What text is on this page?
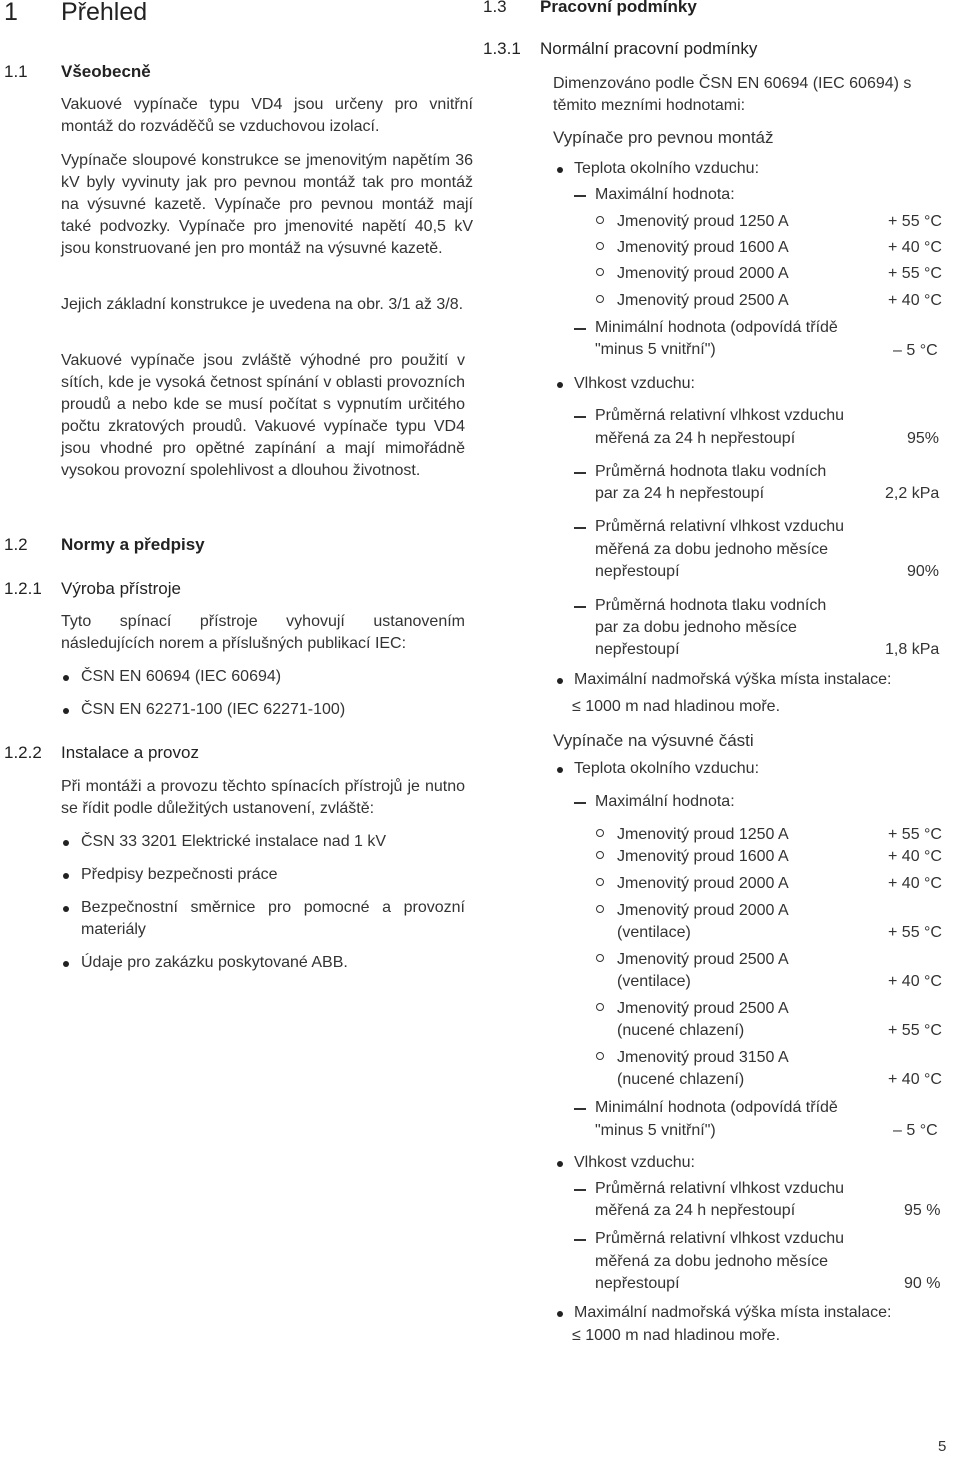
1 Přehled
1.1 Všeobecně
Vakuové vypínače typu VD4 jsou určeny pro vnitřní montáž do rozváděčů se vzduchovou izolací.
Vypínače sloupové konstrukce se jmenovitým napětím 36 kV byly vyvinuty jak pro pevnou montáž tak pro montáž na výsuvné kazetě. Vypínače pro pevnou montáž mají také podvozky. Vypínače pro jmenovité napětí 40,5 kV jsou konstruované jen pro montáž na výsuvné kazetě.
Jejich základní konstrukce je uvedena na obr. 3/1 až 3/8.
Vakuové vypínače jsou zvláště výhodné pro použití v sítích, kde je vysoká četnost spínání v oblasti provozních proudů a nebo kde se musí počítat s vypnutím určitého počtu zkratových proudů. Vakuové vypínače typu VD4 jsou vhodné pro opětné zapínání a mají mimořádně vysokou provozní spolehlivost a dlouhou životnost.
1.2 Normy a předpisy
1.2.1 Výroba přístroje
Tyto spínací přístroje vyhovují ustanovením následujících norem a příslušných publikací IEC:
ČSN EN 60694 (IEC 60694)
ČSN EN 62271-100 (IEC 62271-100)
1.2.2 Instalace a provoz
Při montáži a provozu těchto spínacích přístrojů je nutno se řídit podle důležitých ustanovení, zvláště:
ČSN 33 3201 Elektrické instalace nad 1 kV
Předpisy bezpečnosti práce
Bezpečnostní směrnice pro pomocné a provozní materiály
Údaje pro zakázku poskytované ABB.
1.3 Pracovní podmínky
1.3.1 Normální pracovní podmínky
Dimenzováno podle ČSN EN 60694 (IEC 60694) s těmito mezními hodnotami:
Vypínače pro pevnou montáž
Teplota okolního vzduchu:
Maximální hodnota:
Jmenovitý proud 1250 A	+ 55 °C
Jmenovitý proud 1600 A	+ 40 °C
Jmenovitý proud 2000 A	+ 55 °C
Jmenovitý proud 2500 A	+ 40 °C
Minimální hodnota (odpovídá třídě
"minus 5 vnitřní")	– 5 °C
Vlhkost vzduchu:
Průměrná relativní vlhkost vzduchu
měřená za 24 h nepřestoupí	95%
Průměrná hodnota tlaku vodních
par za 24 h nepřestoupí	2,2 kPa
Průměrná relativní vlhkost vzduchu
měřená za dobu jednoho měsíce
nepřestoupí	90%
Průměrná hodnota tlaku vodních
par za dobu jednoho měsíce
nepřestoupí	1,8 kPa
Maximální nadmořská výška místa instalace:
≤ 1000 m nad hladinou moře.
Vypínače na výsuvné části
Teplota okolního vzduchu:
Maximální hodnota:
Jmenovitý proud 1250 A	+ 55 °C
Jmenovitý proud 1600 A	+ 40 °C
Jmenovitý proud 2000 A	+ 40 °C
Jmenovitý proud 2000 A
(ventilace)	+ 55 °C
Jmenovitý proud 2500 A
(ventilace)	+ 40 °C
Jmenovitý proud 2500 A
(nucené chlazení)	+ 55 °C
Jmenovitý proud 3150 A
(nucené chlazení)	+ 40 °C
Minimální hodnota (odpovídá třídě
"minus 5 vnitřní")	– 5 °C
Vlhkost vzduchu:
Průměrná relativní vlhkost vzduchu
měřená za 24 h nepřestoupí	95 %
Průměrná relativní vlhkost vzduchu
měřená za dobu jednoho měsíce
nepřestoupí	90 %
Maximální nadmořská výška místa instalace:
≤ 1000 m nad hladinou moře.
5
